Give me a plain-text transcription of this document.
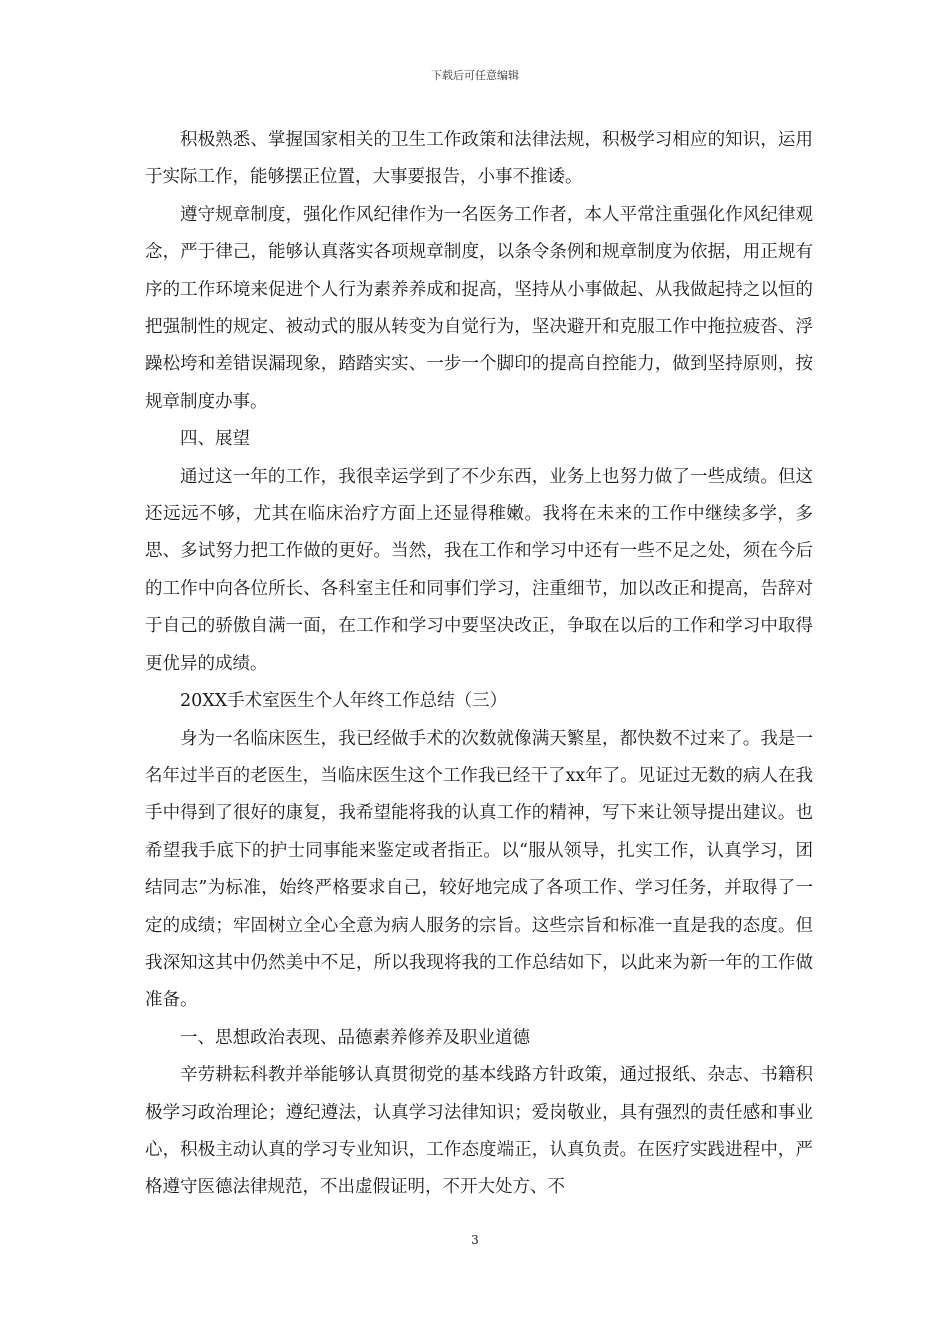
下载后可任意编辑

积极熟悉、掌握国家相关的卫生工作政策和法律法规，积极学习相应的知识，运用于实际工作，能够摆正位置，大事要报告，小事不推诿。

遵守规章制度，强化作风纪律作为一名医务工作者，本人平常注重强化作风纪律观念，严于律己，能够认真落实各项规章制度，以条令条例和规章制度为依据，用正规有序的工作环境来促进个人行为素养养成和捉高，坚持从小事做起、从我做起持之以恒的把强制性的规定、被动式的服从转变为自觉行为，坚决避开和克服工作中拖拉疲沓、浮躁松垮和差错误漏现象，踏踏实实、一步一个脚印的提高自控能力，做到坚持原则，按规章制度办事。

四、展望

通过这一年的工作，我很幸运学到了不少东西，业务上也努力做了一些成绩。但这还远远不够，尤其在临床治疗方面上还显得稚嫩。我将在未来的工作中继续多学，多思、多试努力把工作做的更好。当然，我在工作和学习中还有一些不足之处，须在今后的工作中向各位所长、各科室主任和同事们学习，注重细节，加以改正和提高，告辞对于自己的骄傲自满一面，在工作和学习中要坚决改正，争取在以后的工作和学习中取得更优异的成绩。

20XX手术室医生个人年终工作总结（三）

身为一名临床医生，我已经做手术的次数就像满天繁星，都快数不过来了。我是一名年过半百的老医生，当临床医生这个工作我已经干了xx年了。见证过无数的病人在我手中得到了很好的康复，我希望能将我的认真工作的精神，写下来让领导提出建议。也希望我手底下的护士同事能来鉴定或者指正。以“服从领导，扎实工作，认真学习，团结同志”为标准，始终严格要求自己，较好地完成了各项工作、学习任务，并取得了一定的成绩；牢固树立全心全意为病人服务的宗旨。这些宗旨和标准一直是我的态度。但我深知这其中仍然美中不足，所以我现将我的工作总结如下，以此来为新一年的工作做准备。

一、思想政治表现、品德素养修养及职业道德

辛劳耕耘科教并举能够认真贯彻党的基本线路方针政策，通过报纸、杂志、书籍积极学习政治理论；遵纪遵法，认真学习法律知识；爱岗敬业，具有强烈的责任感和事业心，积极主动认真的学习专业知识，工作态度端正，认真负责。在医疗实践进程中，严格遵守医德法律规范，不出虚假证明，不开大处方、不

3
